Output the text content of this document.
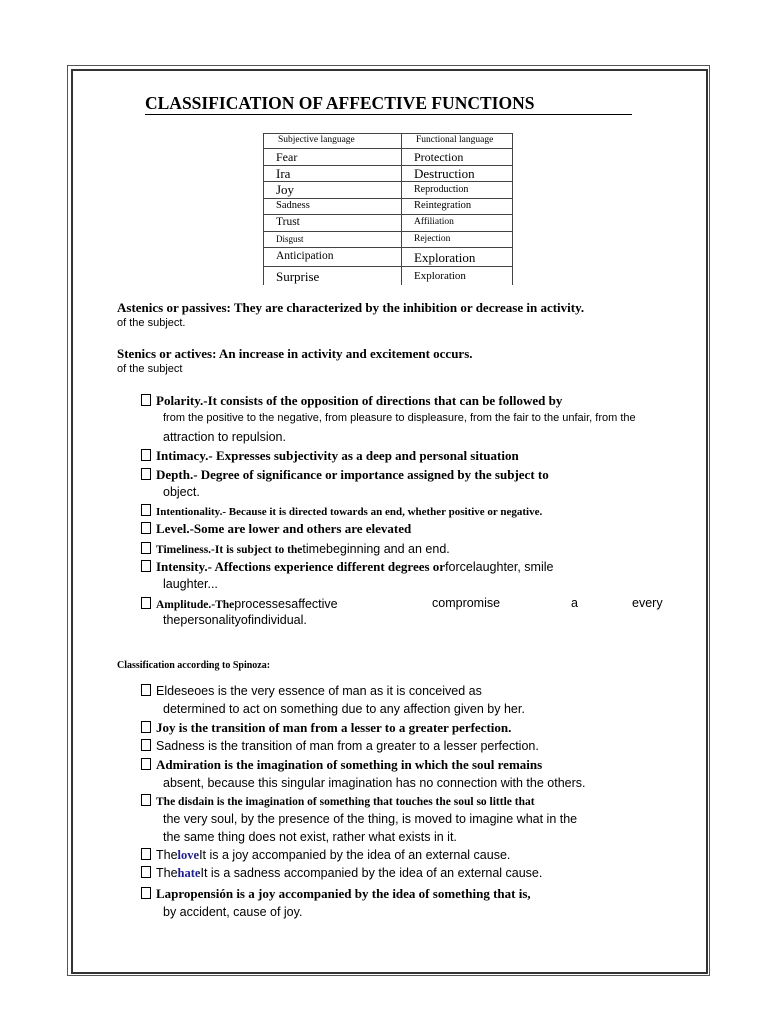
CLASSIFICATION OF AFFECTIVE FUNCTIONS
Subjective language	Functional language
Fear	Protection
Ira	Destruction
Joy	Reproduction
Sadness	Reintegration
Trust	Affiliation
Disgust	Rejection
Anticipation	Exploration
Surprise	Exploration
Astenics or passives: They are characterized by the inhibition or decrease in activity.
of the subject.
Stenics or actives: An increase in activity and excitement occurs.
of the subject
Polarity.-It consists of the opposition of directions that can be followed by
from the positive to the negative, from pleasure to displeasure, from the fair to the unfair, from the
attraction to repulsion.
Intimacy.- Expresses subjectivity as a deep and personal situation
Depth.- Degree of significance or importance assigned by the subject to
object.
Intentionality.- Because it is directed towards an end, whether positive or negative.
Level.-Some are lower and others are elevated
Timeliness.-It is subject to thetimebeginning and an end.
Intensity.- Affections experience different degrees orforcelaughter, smile
laughter...
Amplitude.-Theprocessesaffective	compromise	a	every
thepersonalityofindividual.
Classification according to Spinoza:
Eldeseoes is the very essence of man as it is conceived as
determined to act on something due to any affection given by her.
Joy is the transition of man from a lesser to a greater perfection.
Sadness is the transition of man from a greater to a lesser perfection.
Admiration is the imagination of something in which the soul remains
absent, because this singular imagination has no connection with the others.
The disdain is the imagination of something that touches the soul so little that
the very soul, by the presence of the thing, is moved to imagine what in the
the same thing does not exist, rather what exists in it.
TheloveIt is a joy accompanied by the idea of an external cause.
ThehateIt is a sadness accompanied by the idea of an external cause.
Lapropensión is a joy accompanied by the idea of something that is,
by accident, cause of joy.
